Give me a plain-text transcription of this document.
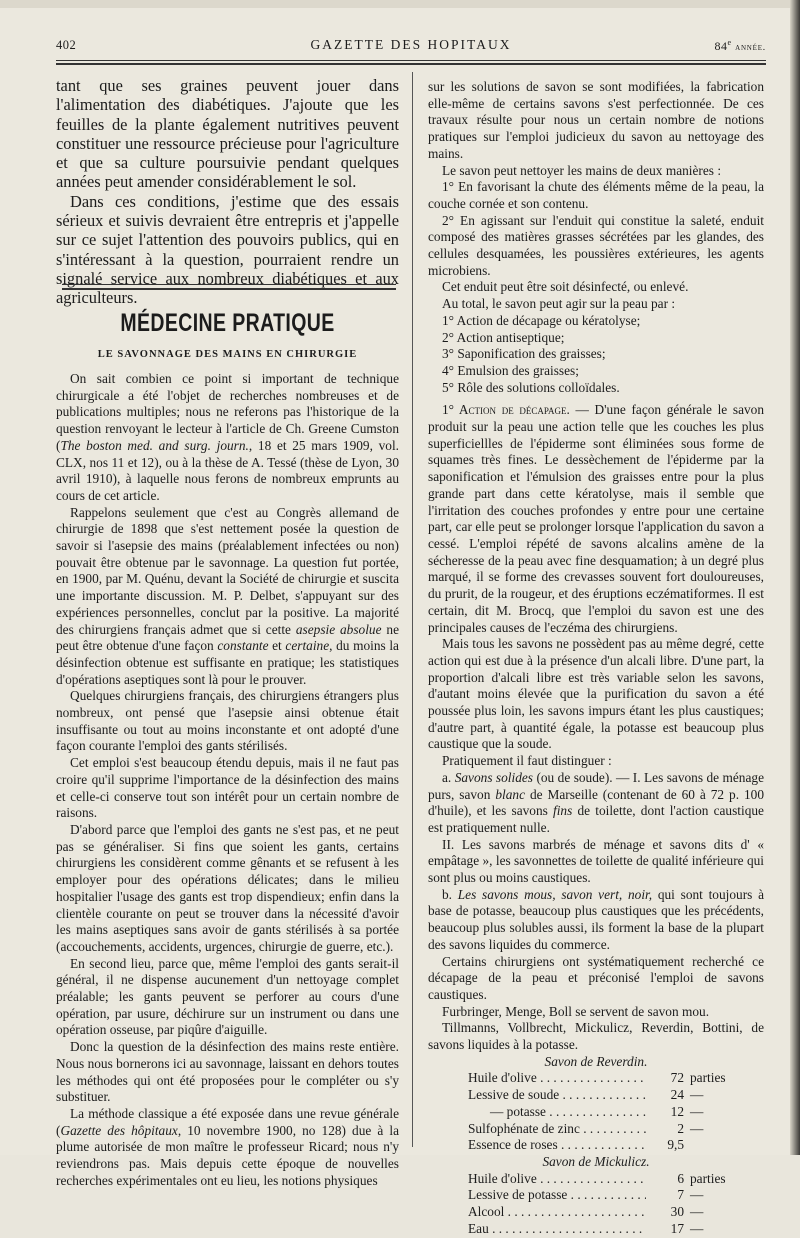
402	GAZETTE DES HOPITAUX	84e année.

tant que ses graines peuvent jouer dans l'alimentation des diabétiques. J'ajoute que les feuilles de la plante également nutritives peuvent constituer une ressource précieuse pour l'agriculture et que sa culture poursuivie pendant quelques années peut amender considérablement le sol.

Dans ces conditions, j'estime que des essais sérieux et suivis devraient être entrepris et j'appelle sur ce sujet l'attention des pouvoirs publics, qui en s'intéressant à la question, pourraient rendre un signalé service aux nombreux diabétiques et aux agriculteurs.

MÉDECINE PRATIQUE
LE SAVONNAGE DES MAINS EN CHIRURGIE

On sait combien ce point si important de technique chirurgicale a été l'objet de recherches nombreuses et de publications multiples; nous ne referons pas l'historique de la question renvoyant le lecteur à l'article de Ch. Greene Cumston (The boston med. and surg. journ., 18 et 25 mars 1909, vol. CLX, nos 11 et 12), ou à la thèse de A. Tessé (thèse de Lyon, 30 avril 1910), à laquelle nous ferons de nombreux emprunts au cours de cet article.

Rappelons seulement que c'est au Congrès allemand de chirurgie de 1898 que s'est nettement posée la question de savoir si l'asepsie des mains (préalablement infectées ou non) pouvait être obtenue par le savonnage. La question fut portée, en 1900, par M. Quénu, devant la Société de chirurgie et suscita une importante discussion. M. P. Delbet, s'appuyant sur des expériences personnelles, conclut par la positive. La majorité des chirurgiens français admet que si cette asepsie absolue ne peut être obtenue d'une façon constante et certaine, du moins la désinfection obtenue est suffisante en pratique; les statistiques d'opérations aseptiques sont là pour le prouver.

Quelques chirurgiens français, des chirurgiens étrangers plus nombreux, ont pensé que l'asepsie ainsi obtenue était insuffisante ou tout au moins inconstante et ont adopté d'une façon courante l'emploi des gants stérilisés.

Cet emploi s'est beaucoup étendu depuis, mais il ne faut pas croire qu'il supprime l'importance de la désinfection des mains et celle-ci conserve tout son intérêt pour un certain nombre de raisons.

D'abord parce que l'emploi des gants ne s'est pas, et ne peut pas se généraliser. Si fins que soient les gants, certains chirurgiens les considèrent comme gênants et se refusent à les employer pour des opérations délicates; dans le milieu hospitalier l'usage des gants est trop dispendieux; enfin dans la clientèle courante on peut se trouver dans la nécessité d'avoir les mains aseptiques sans avoir de gants stérilisés à sa portée (accouchements, accidents, urgences, chirurgie de guerre, etc.).

En second lieu, parce que, même l'emploi des gants serait-il général, il ne dispense aucunement d'un nettoyage complet préalable; les gants peuvent se perforer au cours d'une opération, par usure, déchirure sur un instrument ou dans une opération osseuse, par piqûre d'aiguille.

Donc la question de la désinfection des mains reste entière. Nous nous bornerons ici au savonnage, laissant en dehors toutes les méthodes qui ont été proposées pour le compléter ou s'y substituer.

La méthode classique a été exposée dans une revue générale (Gazette des hôpitaux, 10 novembre 1900, no 128) due à la plume autorisée de mon maître le professeur Ricard; nous n'y reviendrons pas. Mais depuis cette époque de nouvelles recherches expérimentales ont eu lieu, les notions physiques

sur les solutions de savon se sont modifiées, la fabrication elle-même de certains savons s'est perfectionnée. De ces travaux résulte pour nous un certain nombre de notions pratiques sur l'emploi judicieux du savon au nettoyage des mains.

Le savon peut nettoyer les mains de deux manières :

1° En favorisant la chute des éléments même de la peau, la couche cornée et son contenu.

2° En agissant sur l'enduit qui constitue la saleté, enduit composé des matières grasses sécrétées par les glandes, des cellules desquamées, les poussières extérieures, les agents microbiens.

Cet enduit peut être soit désinfecté, ou enlevé.

Au total, le savon peut agir sur la peau par :

1° Action de décapage ou kératolyse;

2° Action antiseptique;

3° Saponification des graisses;

4° Emulsion des graisses;

5° Rôle des solutions colloïdales.

1° Action de décapage. — D'une façon générale le savon produit sur la peau une action telle que les couches les plus superficiellles de l'épiderme sont éliminées sous forme de squames très fines. Le dessèchement de l'épiderme par la saponification et l'émulsion des graisses entre pour la plus grande part dans cette kératolyse, mais il semble que l'irritation des couches profondes y entre pour une certaine part, car elle peut se prolonger lorsque l'application du savon a cessé. L'emploi répété de savons alcalins amène de la sécheresse de la peau avec fine desquamation; à un degré plus marqué, il se forme des crevasses souvent fort douloureuses, du prurit, de la rougeur, et des éruptions eczématiformes. Il est certain, dit M. Brocq, que l'emploi du savon est une des principales causes de l'eczéma des chirurgiens.

Mais tous les savons ne possèdent pas au même degré, cette action qui est due à la présence d'un alcali libre. D'une part, la proportion d'alcali libre est très variable selon les savons, d'autant moins élevée que la purification du savon a été poussée plus loin, les savons impurs étant les plus caustiques; d'autre part, à quantité égale, la potasse est beaucoup plus caustique que la soude.

Pratiquement il faut distinguer :

a. Savons solides (ou de soude). — I. Les savons de ménage purs, savon blanc de Marseille (contenant de 60 à 72 p. 100 d'huile), et les savons fins de toilette, dont l'action caustique est pratiquement nulle.

II. Les savons marbrés de ménage et savons dits d' « empâtage », les savonnettes de toilette de qualité inférieure qui sont plus ou moins caustiques.

b. Les savons mous, savon vert, noir, qui sont toujours à base de potasse, beaucoup plus caustiques que les précédents, beaucoup plus solubles aussi, ils forment la base de la plupart des savons liquides du commerce.

Certains chirurgiens ont systématiquement recherché ce décapage de la peau et préconisé l'emploi de savons caustiques.

Furbringer, Menge, Boll se servent de savon mou.

Tillmanns, Vollbrecht, Mickulicz, Reverdin, Bottini, de savons liquides à la potasse.

Savon de Reverdin.

Huile d'olive . . .	72 parties
Lessive de soude . . .	24 —
— potasse . . .	12 —
Sulfophénate de zinc . . .	2 —
Essence de roses . . .	9,5

Savon de Mickulicz.

Huile d'olive . . .	6 parties
Lessive de potasse . . .	7 —
Alcool . . .	30 —
Eau . . .	17 —
